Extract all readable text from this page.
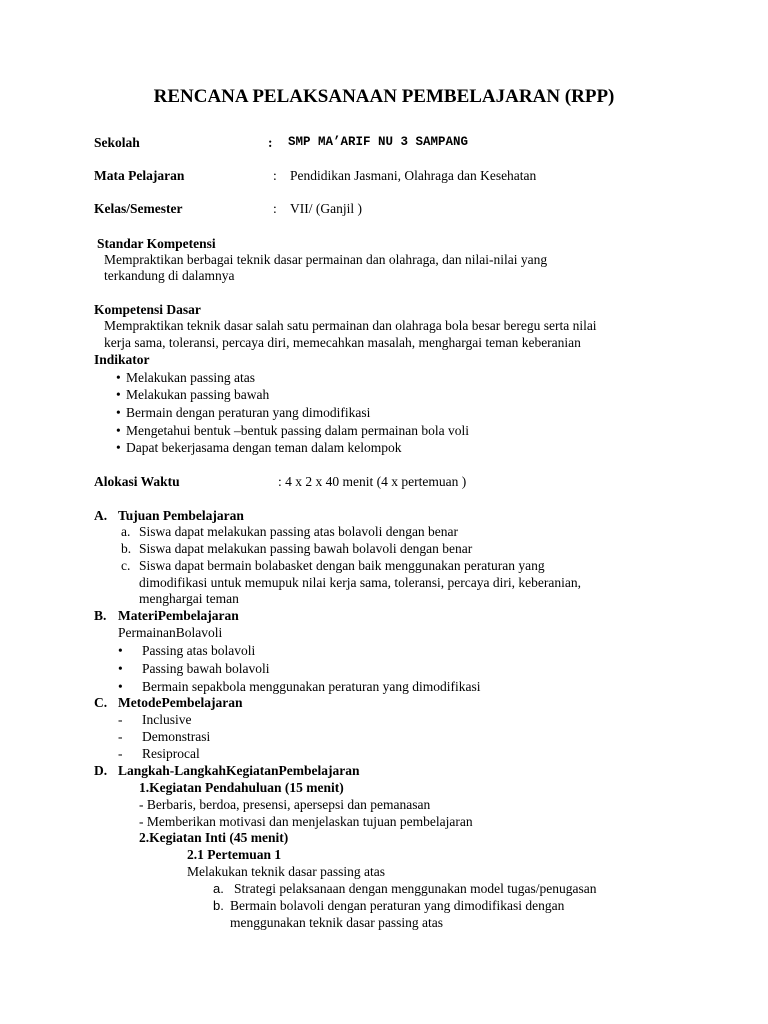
RENCANA PELAKSANAAN PEMBELAJARAN (RPP)
Sekolah	: SMP MA’ARIF NU 3 SAMPANG
Mata Pelajaran	: Pendidikan Jasmani, Olahraga dan Kesehatan
Kelas/Semester	: VII/ (Ganjil )
Standar Kompetensi
Mempraktikan berbagai teknik dasar permainan dan olahraga, dan nilai-nilai yang
terkandung di dalamnya
Kompetensi Dasar
Mempraktikan teknik dasar salah satu permainan dan olahraga bola besar beregu serta nilai
kerja sama, toleransi, percaya diri, memecahkan masalah, menghargai teman keberanian
Indikator
• Melakukan passing atas
• Melakukan passing bawah
• Bermain dengan peraturan yang dimodifikasi
• Mengetahui bentuk –bentuk passing dalam permainan bola voli
• Dapat bekerjasama dengan teman dalam kelompok
Alokasi Waktu	: 4 x 2 x 40 menit (4 x pertemuan )
A. Tujuan Pembelajaran
a. Siswa dapat melakukan passing atas bolavoli dengan benar
b. Siswa dapat melakukan passing bawah bolavoli dengan benar
c. Siswa dapat bermain bolabasket dengan baik menggunakan peraturan yang
dimodifikasi untuk memupuk nilai kerja sama, toleransi, percaya diri, keberanian,
menghargai teman
B. MateriPembelajaran
PermainanBolavoli
• Passing atas bolavoli
• Passing bawah bolavoli
• Bermain sepakbola menggunakan peraturan yang dimodifikasi
C. MetodePembelajaran
- Inclusive
- Demonstrasi
- Resiprocal
D. Langkah-LangkahKegiatanPembelajaran
1.Kegiatan Pendahuluan (15 menit)
- Berbaris, berdoa, presensi, apersepsi dan pemanasan
- Memberikan motivasi dan menjelaskan tujuan pembelajaran
2.Kegiatan Inti (45 menit)
2.1 Pertemuan 1
Melakukan teknik dasar passing atas
a. Strategi pelaksanaan dengan menggunakan model tugas/penugasan
b. Bermain bolavoli dengan peraturan yang dimodifikasi dengan
menggunakan teknik dasar passing atas
